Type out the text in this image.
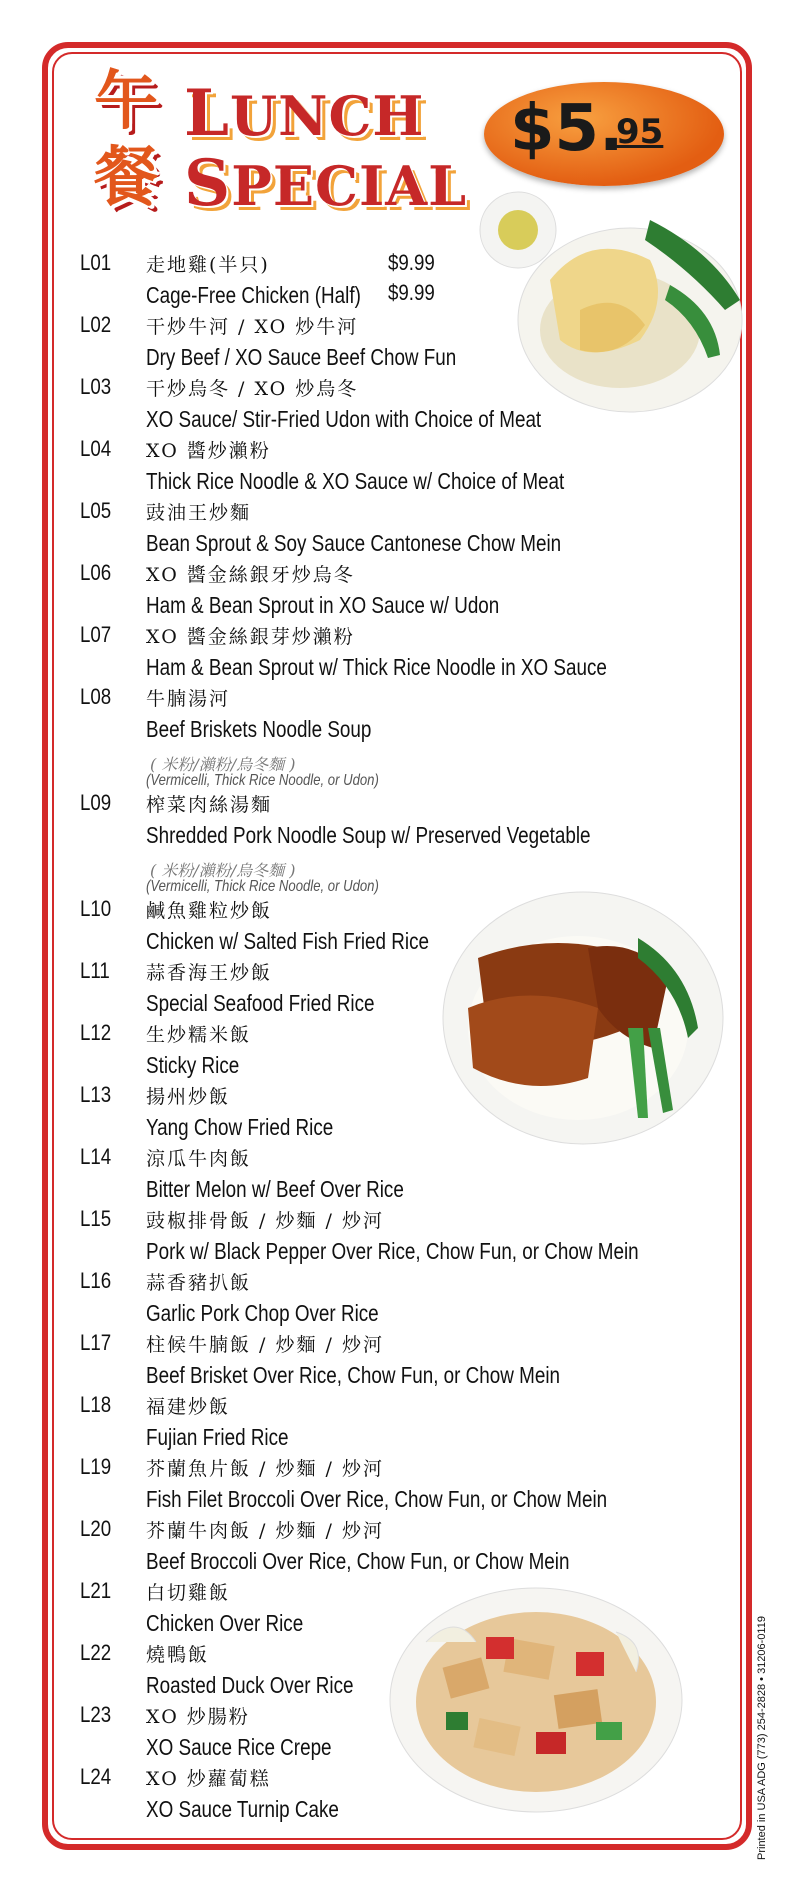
午
餐
LUNCH
SPECIAL
$5.
95
L01 走地雞(半只)
Cage-Free Chicken (Half)
$9.99
$9.99
L02 干炒牛河 / XO 炒牛河
Dry Beef / XO Sauce Beef Chow Fun
L03 干炒烏冬 / XO 炒烏冬
XO Sauce/ Stir-Fried Udon with Choice of Meat
L04 XO 醬炒瀨粉
Thick Rice Noodle & XO Sauce w/ Choice of Meat
L05 豉油王炒麵
Bean Sprout & Soy Sauce Cantonese Chow Mein
L06 XO 醬金絲銀牙炒烏冬
Ham & Bean Sprout in XO Sauce w/ Udon
L07 XO 醬金絲銀芽炒瀨粉
Ham & Bean Sprout w/ Thick Rice Noodle in XO Sauce
L08 牛腩湯河
Beef Briskets Noodle Soup
( 米粉/瀨粉/烏冬麵 )
(Vermicelli, Thick Rice Noodle, or Udon)
L09 榨菜肉絲湯麵
Shredded Pork Noodle Soup w/ Preserved Vegetable
( 米粉/瀨粉/烏冬麵 )
(Vermicelli, Thick Rice Noodle, or Udon)
L10 鹹魚雞粒炒飯
Chicken w/ Salted Fish Fried Rice
L11 蒜香海王炒飯
Special Seafood Fried Rice
L12 生炒糯米飯
Sticky Rice
L13 揚州炒飯
Yang Chow Fried Rice
L14 涼瓜牛肉飯
Bitter Melon w/ Beef Over Rice
L15 豉椒排骨飯 / 炒麵 / 炒河
Pork w/ Black Pepper Over Rice, Chow Fun, or Chow Mein
L16 蒜香豬扒飯
Garlic Pork Chop Over Rice
L17 柱候牛腩飯 / 炒麵 / 炒河
Beef Brisket Over Rice, Chow Fun, or Chow Mein
L18 福建炒飯
Fujian Fried Rice
L19 芥蘭魚片飯 / 炒麵 / 炒河
Fish Filet Broccoli Over Rice, Chow Fun, or Chow Mein
L20 芥蘭牛肉飯 / 炒麵 / 炒河
Beef Broccoli Over Rice, Chow Fun, or Chow Mein
L21 白切雞飯
Chicken Over Rice
L22 燒鴨飯
Roasted Duck Over Rice
L23 XO 炒腸粉
XO Sauce Rice Crepe
L24 XO 炒蘿蔔糕
XO Sauce Turnip Cake	Printed in USA ADG (773) 254-2828 • 31206-0119
